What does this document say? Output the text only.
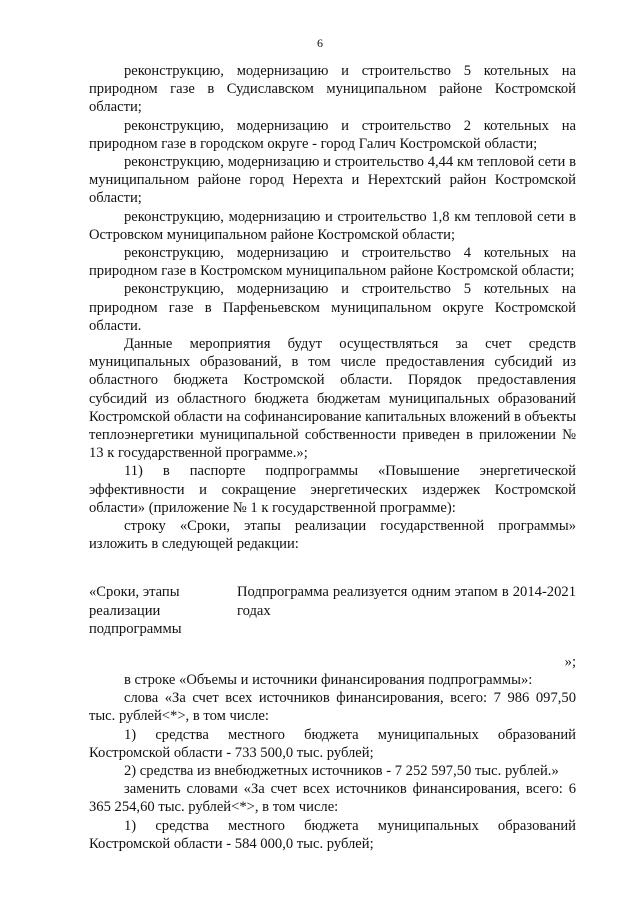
6

реконструкцию, модернизацию и строительство 5 котельных на природном газе в Судиславском муниципальном районе Костромской области;

реконструкцию, модернизацию и строительство 2 котельных на природном газе в городском округе - город Галич Костромской области;

реконструкцию, модернизацию и строительство 4,44 км тепловой сети в муниципальном районе город Нерехта и Нерехтский район Костромской области;

реконструкцию, модернизацию и строительство 1,8 км тепловой сети в Островском муниципальном районе Костромской области;

реконструкцию, модернизацию и строительство 4 котельных на природном газе в Костромском муниципальном районе Костромской области;

реконструкцию, модернизацию и строительство 5 котельных на природном газе в Парфеньевском муниципальном округе Костромской области.

Данные мероприятия будут осуществляться за счет средств муниципальных образований, в том числе предоставления субсидий из областного бюджета Костромской области. Порядок предоставления субсидий из областного бюджета бюджетам муниципальных образований Костромской области на софинансирование капитальных вложений в объекты теплоэнергетики муниципальной собственности приведен в приложении № 13 к государственной программе.»;

11) в паспорте подпрограммы «Повышение энергетической эффективности и сокращение энергетических издержек Костромской области» (приложение № 1 к государственной программе):

строку «Сроки, этапы реализации государственной программы» изложить в следующей редакции:

«Сроки, этапы реализации подпрограммы
Подпрограмма реализуется одним этапом в 2014-2021 годах

»;

в строке «Объемы и источники финансирования подпрограммы»:

слова «За счет всех источников финансирования, всего: 7 986 097,50 тыс. рублей<*>, в том числе:

1) средства местного бюджета муниципальных образований Костромской области - 733 500,0 тыс. рублей;

2) средства из внебюджетных источников - 7 252 597,50 тыс. рублей.»

заменить словами «За счет всех источников финансирования, всего: 6 365 254,60 тыс. рублей<*>, в том числе:

1) средства местного бюджета муниципальных образований Костромской области - 584 000,0 тыс. рублей;
